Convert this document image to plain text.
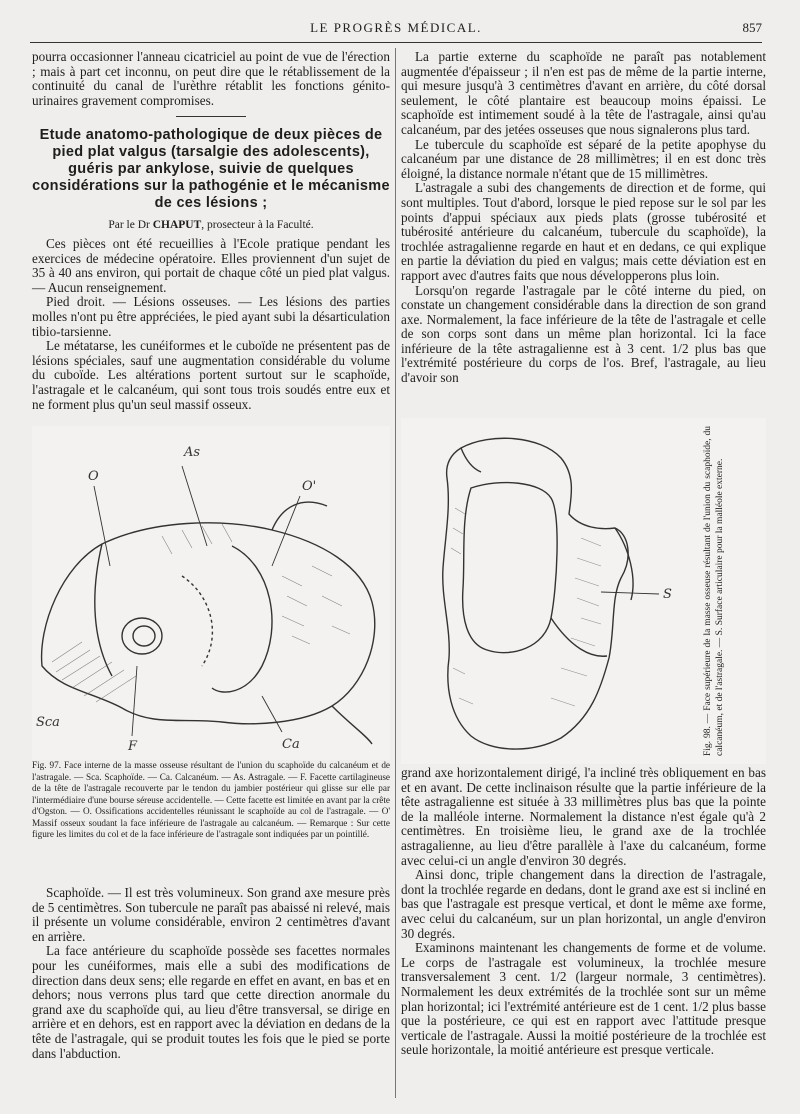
LE PROGRÈS MÉDICAL.	857

pourra occasionner l'anneau cicatriciel au point de vue de l'érection ; mais à part cet inconnu, on peut dire que le rétablissement de la continuité du canal de l'urèthre rétablit les fonctions génito-urinaires gravement compromises.

Etude anatomo-pathologique de deux pièces de pied plat valgus (tarsalgie des adolescents), guéris par ankylose, suivie de quelques considérations sur la pathogénie et le mécanisme de ces lésions ;
Par le Dr CHAPUT, prosecteur à la Faculté.

Ces pièces ont été recueillies à l'Ecole pratique pendant les exercices de médecine opératoire. Elles proviennent d'un sujet de 35 à 40 ans environ, qui portait de chaque côté un pied plat valgus. — Aucun renseignement.

Pied droit. — Lésions osseuses. — Les lésions des parties molles n'ont pu être appréciées, le pied ayant subi la désarticulation tibio-tarsienne.

Le métatarse, les cunéiformes et le cuboïde ne présentent pas de lésions spéciales, sauf une augmentation considérable du volume du cuboïde. Les altérations portent surtout sur le scaphoïde, l'astragale et le calcanéum, qui sont tous trois soudés entre eux et ne forment plus qu'un seul massif osseux.

As
O
O'
Sca
F	Ca
Fig. 97. Face interne de la masse osseuse résultant de l'union du scaphoïde du calcanéum et de l'astragale. — Sca. Scaphoïde. — Ca. Calcanéum. — As. Astragale. — F. Facette cartilagineuse de la tête de l'astragale recouverte par le tendon du jambier postérieur qui glisse sur elle par l'intermédiaire d'une bourse séreuse accidentelle. — Cette facette est limitée en avant par la crête d'Ogston. — O. Ossifications accidentelles réunissant le scaphoïde au col de l'astragale. — O' Massif osseux soudant la face inférieure de l'astragale au calcanéum. — Remarque : Sur cette figure les limites du col et de la face inférieure de l'astragale sont indiquées par un pointillé.

Scaphoïde. — Il est très volumineux. Son grand axe mesure près de 5 centimètres. Son tubercule ne paraît pas abaissé ni relevé, mais il présente un volume considérable, environ 2 centimètres d'avant en arrière.

La face antérieure du scaphoïde possède ses facettes normales pour les cunéiformes, mais elle a subi des modifications de direction dans deux sens; elle regarde en effet en avant, en bas et en dehors; nous verrons plus tard que cette direction anormale du grand axe du scaphoïde qui, au lieu d'être transversal, se dirige en arrière et en dehors, est en rapport avec la déviation en dedans de la tête de l'astragale, qui se produit toutes les fois que le pied se porte dans l'abduction.

La partie externe du scaphoïde ne paraît pas notablement augmentée d'épaisseur ; il n'en est pas de même de la partie interne, qui mesure jusqu'à 3 centimètres d'avant en arrière, du côté dorsal seulement, le côté plantaire est beaucoup moins épaissi. Le scaphoïde est intimement soudé à la tête de l'astragale, ainsi qu'au calcanéum, par des jetées osseuses que nous signalerons plus tard.

Le tubercule du scaphoïde est séparé de la petite apophyse du calcanéum par une distance de 28 millimètres; il en est donc très éloigné, la distance normale n'étant que de 15 millimètres.

L'astragale a subi des changements de direction et de forme, qui sont multiples. Tout d'abord, lorsque le pied repose sur le sol par les points d'appui spéciaux aux pieds plats (grosse tubérosité et tubérosité antérieure du calcanéum, tubercule du scaphoïde), la trochlée astragalienne regarde en haut et en dedans, ce qui explique en partie la déviation du pied en valgus; mais cette déviation est en rapport avec d'autres faits que nous développerons plus loin.

Lorsqu'on regarde l'astragale par le côté interne du pied, on constate un changement considérable dans la direction de son grand axe. Normalement, la face inférieure de la tête de l'astragale et celle de son corps sont dans un même plan horizontal. Ici la face inférieure de la tête astragalienne est à 3 cent. 1/2 plus bas que l'extrémité postérieure du corps de l'os. Bref, l'astragale, au lieu d'avoir son

S	Fig. 98. — Face supérieure de la masse osseuse résultant de l'union du scaphoïde, du calcanéum, et de l'astragale. — S. Surface articulaire pour la malléole externe.

grand axe horizontalement dirigé, l'a incliné très obliquement en bas et en avant. De cette inclinaison résulte que la partie inférieure de la tête astragalienne est située à 33 millimètres plus bas que la pointe de la malléole interne. Normalement la distance n'est égale qu'à 2 centimètres. En troisième lieu, le grand axe de la trochlée astragalienne, au lieu d'être parallèle à l'axe du calcanéum, forme avec celui-ci un angle d'environ 30 degrés.

Ainsi donc, triple changement dans la direction de l'astragale, dont la trochlée regarde en dedans, dont le grand axe est si incliné en bas que l'astragale est presque vertical, et dont le même axe forme, avec celui du calcanéum, sur un plan horizontal, un angle d'environ 30 degrés.

Examinons maintenant les changements de forme et de volume. Le corps de l'astragale est volumineux, la trochlée mesure transversalement 3 cent. 1/2 (largeur normale, 3 centimètres). Normalement les deux extrémités de la trochlée sont sur un même plan horizontal; ici l'extrémité antérieure est de 1 cent. 1/2 plus basse que la postérieure, ce qui est en rapport avec l'attitude presque verticale de l'astragale. Aussi la moitié postérieure de la trochlée est seule horizontale, la moitié antérieure est presque verticale.
